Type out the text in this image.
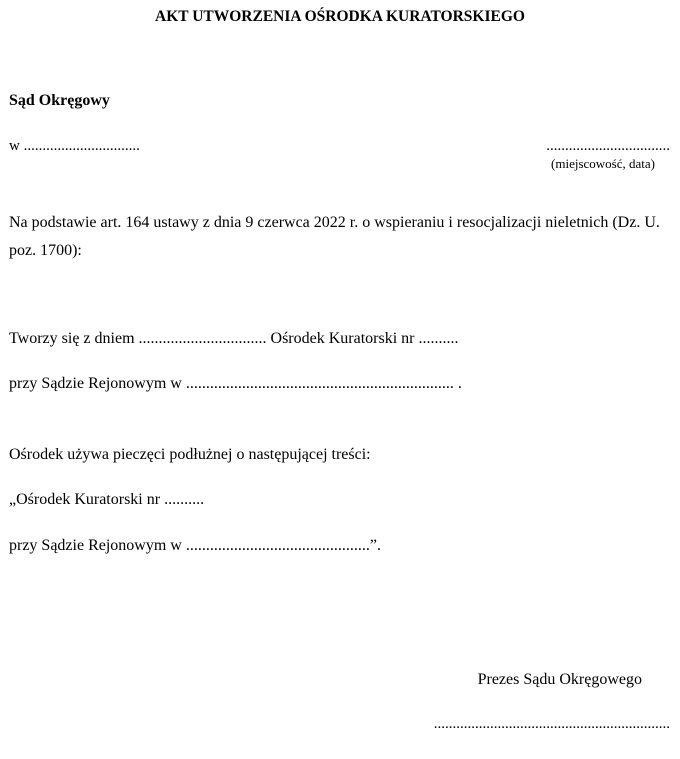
AKT UTWORZENIA OŚRODKA KURATORSKIEGO
Sąd Okręgowy
w ...............................	.................................
(miejscowość, data)
Na podstawie art. 164 ustawy z dnia 9 czerwca 2022 r. o wspieraniu i resocjalizacji nieletnich (Dz. U. poz. 1700):
Tworzy się z dniem ................................ Ośrodek Kuratorski nr ..........
przy Sądzie Rejonowym w ................................................................... .
Ośrodek używa pieczęci podłużnej o następującej treści:
„Ośrodek Kuratorski nr ..........
przy Sądzie Rejonowym w ..............................................”.
Prezes Sądu Okręgowego
...............................................................
